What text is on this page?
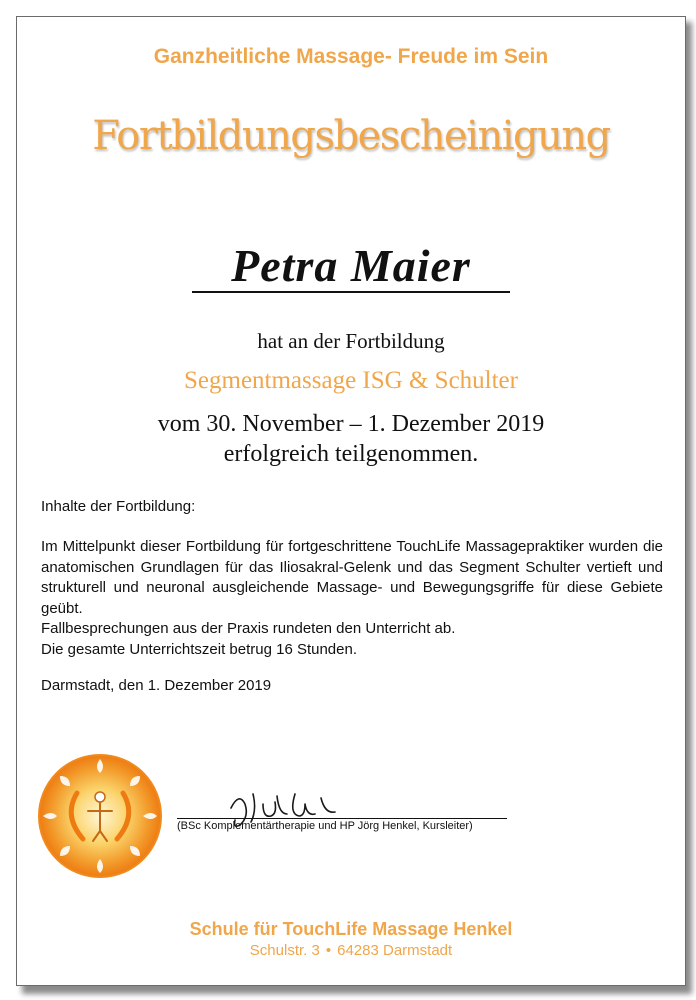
Ganzheitliche Massage- Freude im Sein
Fortbildungsbescheinigung
Petra Maier
hat an der Fortbildung
Segmentmassage ISG & Schulter
vom 30. November – 1. Dezember 2019
erfolgreich teilgenommen.
Inhalte der Fortbildung:
Im Mittelpunkt dieser Fortbildung für fortgeschrittene TouchLife Massagepraktiker wurden die anatomischen Grundlagen für das Iliosakral-Gelenk und das Segment Schulter vertieft und strukturell und neuronal ausgleichende Massage- und Bewegungsgriffe für diese Gebiete geübt.
Fallbesprechungen aus der Praxis rundeten den Unterricht ab.
Die gesamte Unterrichtszeit betrug 16 Stunden.
Darmstadt, den 1. Dezember 2019
(BSc Komplementärtherapie und HP Jörg Henkel, Kursleiter)
Schule für TouchLife Massage Henkel
Schulstr. 3 • 64283 Darmstadt
